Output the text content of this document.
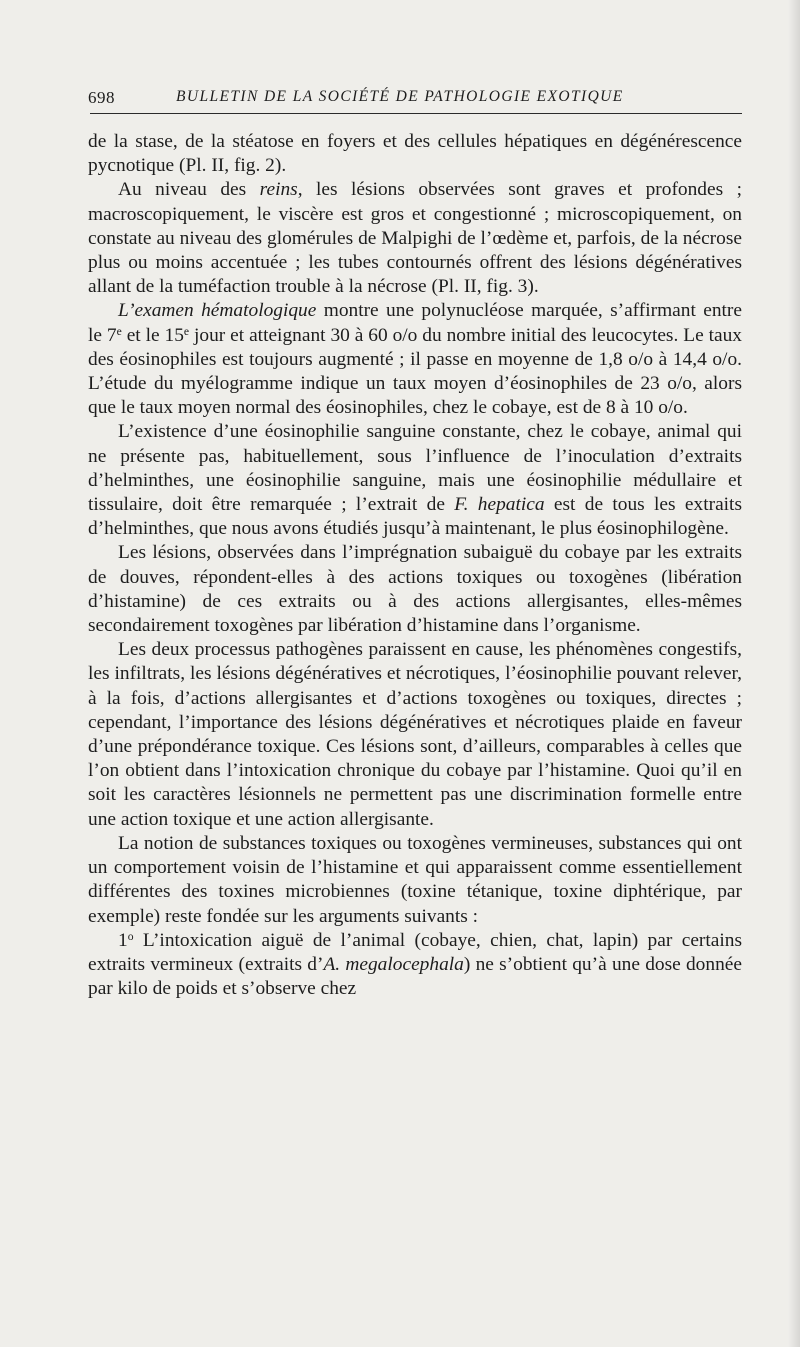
698	BULLETIN DE LA SOCIÉTÉ DE PATHOLOGIE EXOTIQUE

de la stase, de la stéatose en foyers et des cellules hépatiques en dégénérescence pycnotique (Pl. II, fig. 2).

Au niveau des reins, les lésions observées sont graves et profondes ; macroscopiquement, le viscère est gros et congestionné ; microscopiquement, on constate au niveau des glomérules de Malpighi de l’œdème et, parfois, de la nécrose plus ou moins accentuée ; les tubes contournés offrent des lésions dégénératives allant de la tuméfaction trouble à la nécrose (Pl. II, fig. 3).

L’examen hématologique montre une polynucléose marquée, s’affirmant entre le 7e et le 15e jour et atteignant 30 à 60 o/o du nombre initial des leucocytes. Le taux des éosinophiles est toujours augmenté ; il passe en moyenne de 1,8 o/o à 14,4 o/o. L’étude du myélogramme indique un taux moyen d’éosinophiles de 23 o/o, alors que le taux moyen normal des éosinophiles, chez le cobaye, est de 8 à 10 o/o.

L’existence d’une éosinophilie sanguine constante, chez le cobaye, animal qui ne présente pas, habituellement, sous l’influence de l’inoculation d’extraits d’helminthes, une éosinophilie sanguine, mais une éosinophilie médullaire et tissulaire, doit être remarquée ; l’extrait de F. hepatica est de tous les extraits d’helminthes, que nous avons étudiés jusqu’à maintenant, le plus éosinophilogène.

Les lésions, observées dans l’imprégnation subaiguë du cobaye par les extraits de douves, répondent-elles à des actions toxiques ou toxogènes (libération d’histamine) de ces extraits ou à des actions allergisantes, elles-mêmes secondairement toxogènes par libération d’histamine dans l’organisme.

Les deux processus pathogènes paraissent en cause, les phénomènes congestifs, les infiltrats, les lésions dégénératives et nécrotiques, l’éosinophilie pouvant relever, à la fois, d’actions allergisantes et d’actions toxogènes ou toxiques, directes ; cependant, l’importance des lésions dégénératives et nécrotiques plaide en faveur d’une prépondérance toxique. Ces lésions sont, d’ailleurs, comparables à celles que l’on obtient dans l’intoxication chronique du cobaye par l’histamine. Quoi qu’il en soit les caractères lésionnels ne permettent pas une discrimination formelle entre une action toxique et une action allergisante.

La notion de substances toxiques ou toxogènes vermineuses, substances qui ont un comportement voisin de l’histamine et qui apparaissent comme essentiellement différentes des toxines microbiennes (toxine tétanique, toxine diphtérique, par exemple) reste fondée sur les arguments suivants :

1$^o$ L’intoxication aiguë de l’animal (cobaye, chien, chat, lapin) par certains extraits vermineux (extraits d’A. megalocephala) ne s’obtient qu’à une dose donnée par kilo de poids et s’observe chez
